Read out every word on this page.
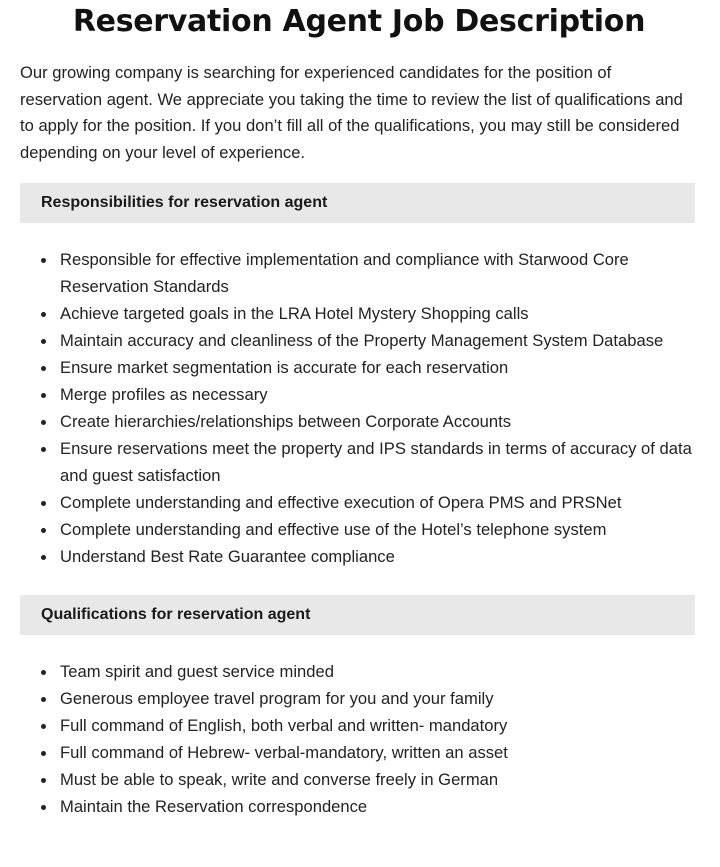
Reservation Agent Job Description

Our growing company is searching for experienced candidates for the position of reservation agent. We appreciate you taking the time to review the list of qualifications and to apply for the position. If you don’t fill all of the qualifications, you may still be considered depending on your level of experience.

Responsibilities for reservation agent
Responsible for effective implementation and compliance with Starwood Core Reservation Standards
Achieve targeted goals in the LRA Hotel Mystery Shopping calls
Maintain accuracy and cleanliness of the Property Management System Database
Ensure market segmentation is accurate for each reservation
Merge profiles as necessary
Create hierarchies/relationships between Corporate Accounts
Ensure reservations meet the property and IPS standards in terms of accuracy of data and guest satisfaction
Complete understanding and effective execution of Opera PMS and PRSNet
Complete understanding and effective use of the Hotel’s telephone system
Understand Best Rate Guarantee compliance
Qualifications for reservation agent
Team spirit and guest service minded
Generous employee travel program for you and your family
Full command of English, both verbal and written- mandatory
Full command of Hebrew- verbal-mandatory, written an asset
Must be able to speak, write and converse freely in German
Maintain the Reservation correspondence
